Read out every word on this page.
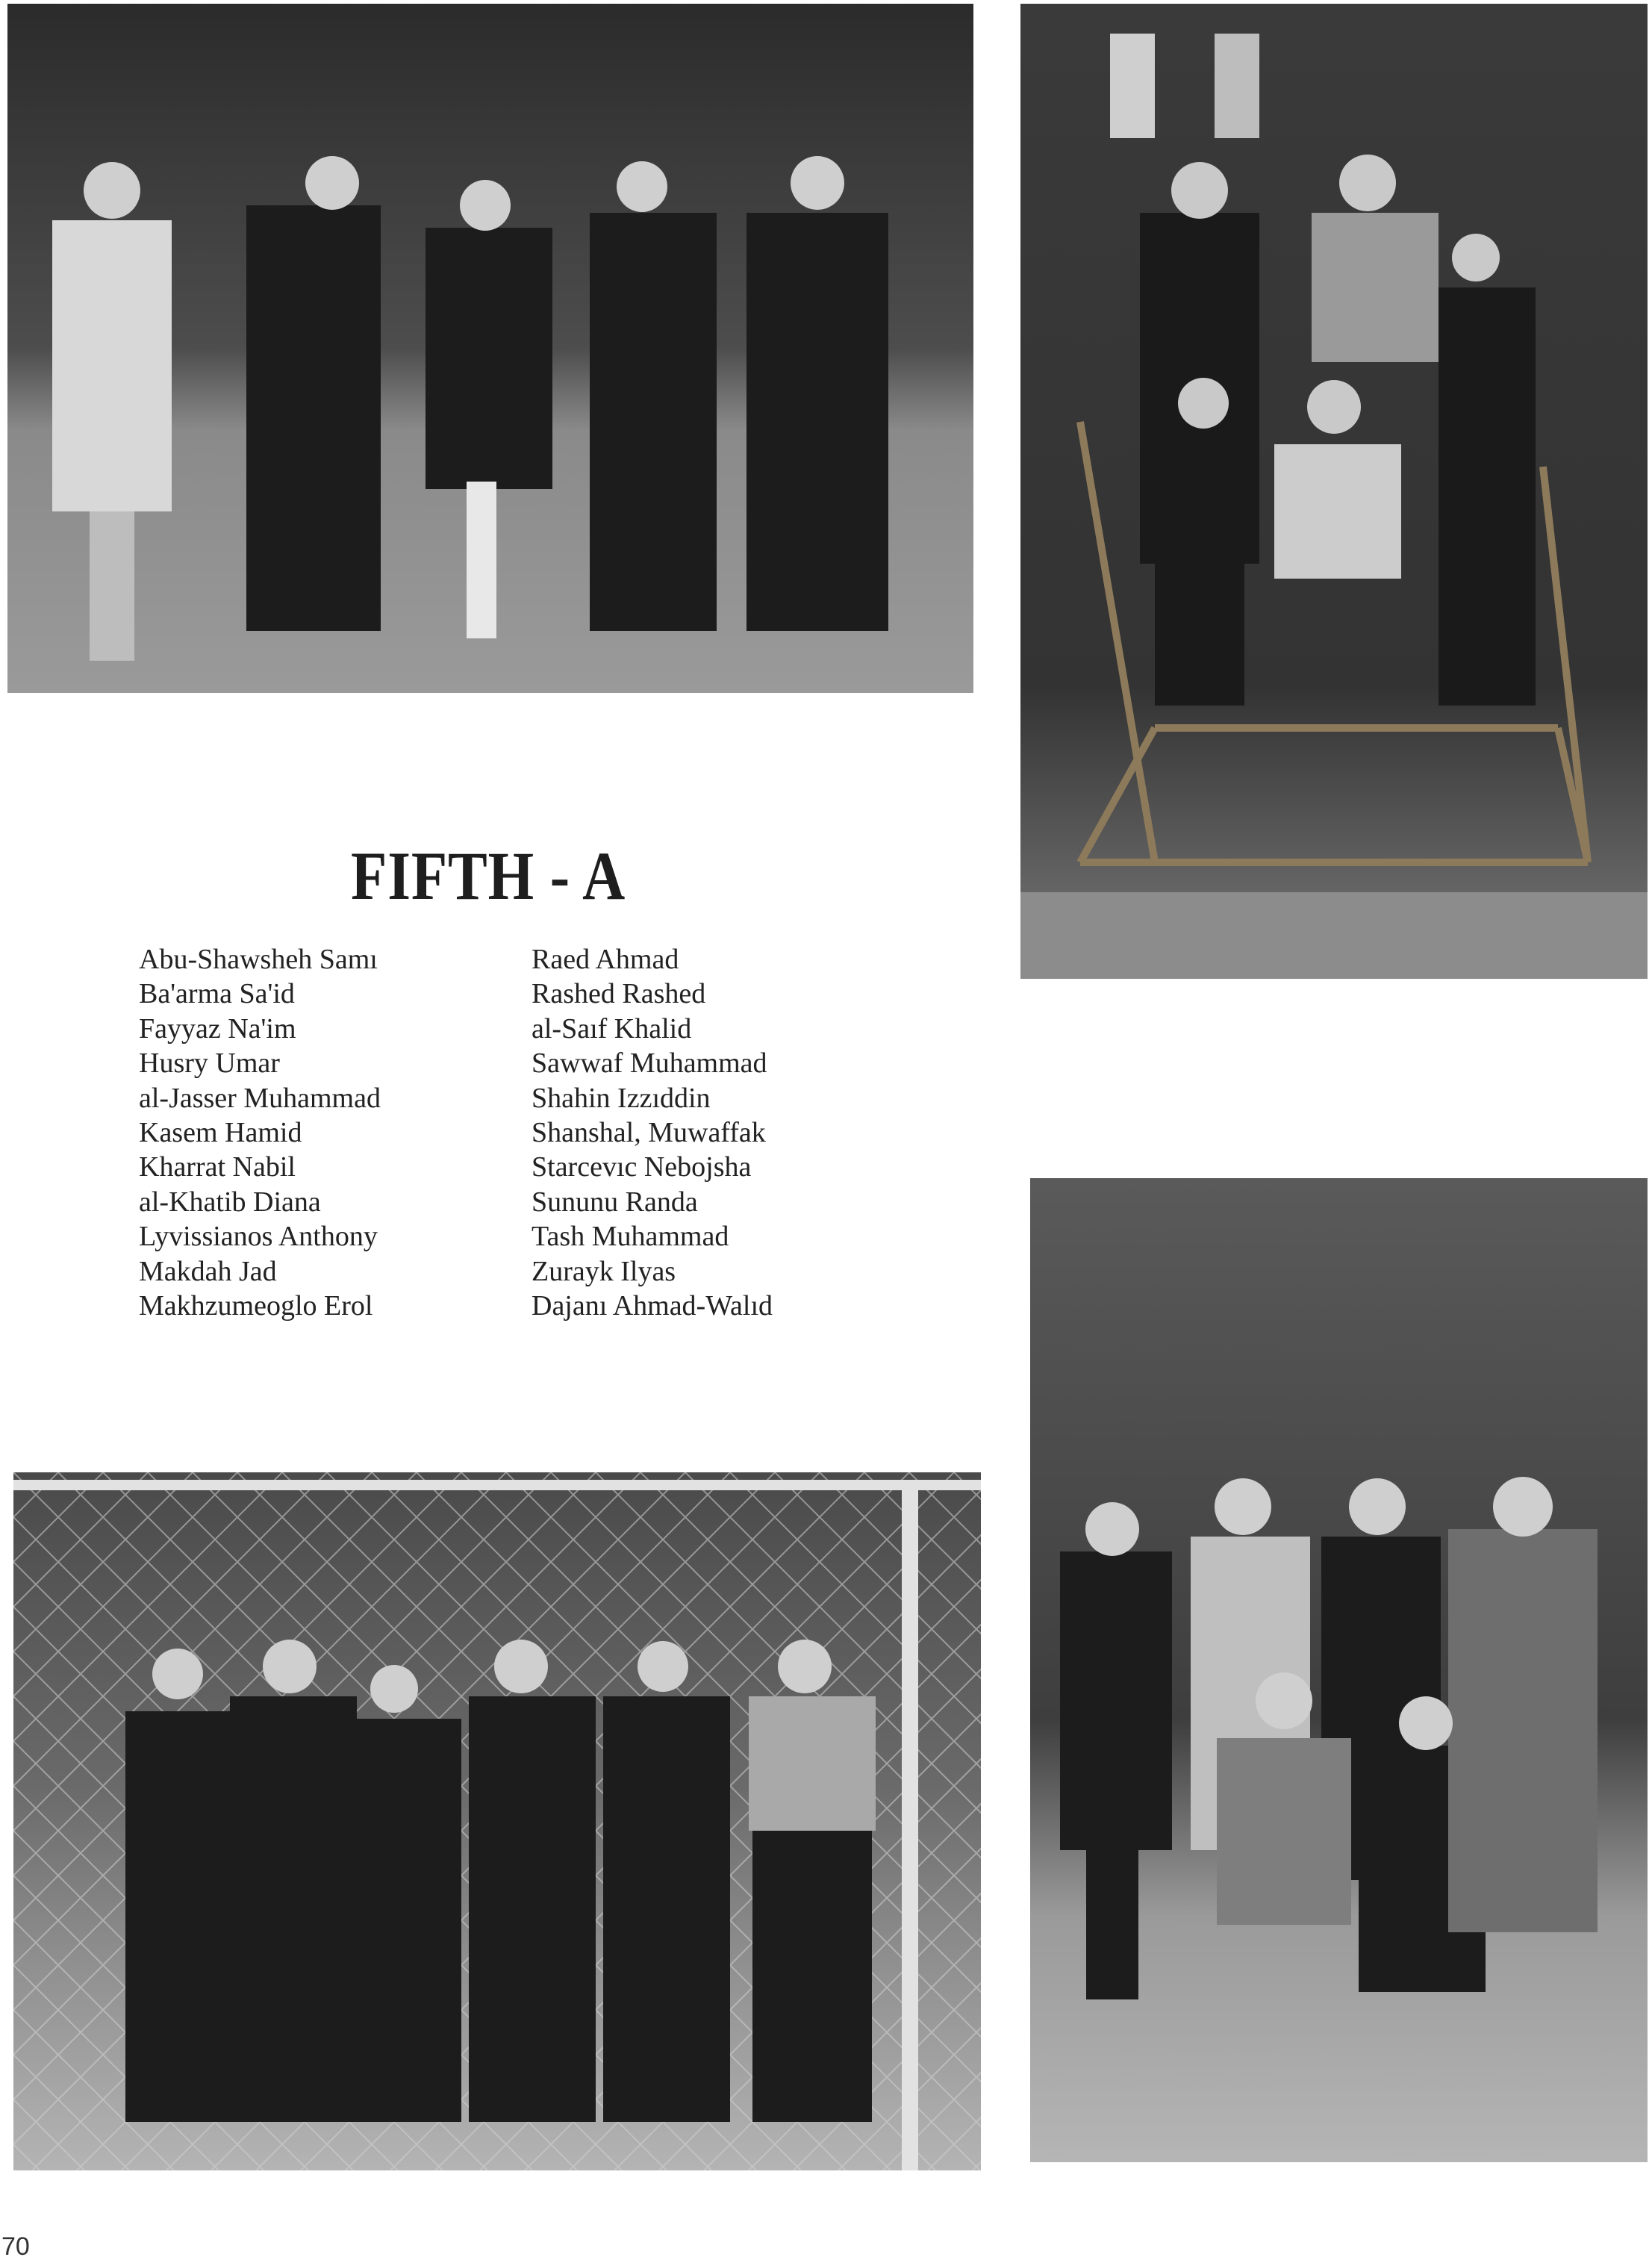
FIFTH - A
Abu-Shawsheh Samı
Ba'arma Sa'id
Fayyaz Na'im
Husry Umar
al-Jasser Muhammad
Kasem Hamid
Kharrat Nabil
al-Khatib Diana
Lyvissianos Anthony
Makdah Jad
Makhzumeoglo Erol
Raed Ahmad
Rashed Rashed
al-Saıf Khalid
Sawwaf Muhammad
Shahin Izzıddin
Shanshal, Muwaffak
Starcevıc Nebojsha
Sununu Randa
Tash Muhammad
Zurayk Ilyas
Dajanı Ahmad-Walıd
70
